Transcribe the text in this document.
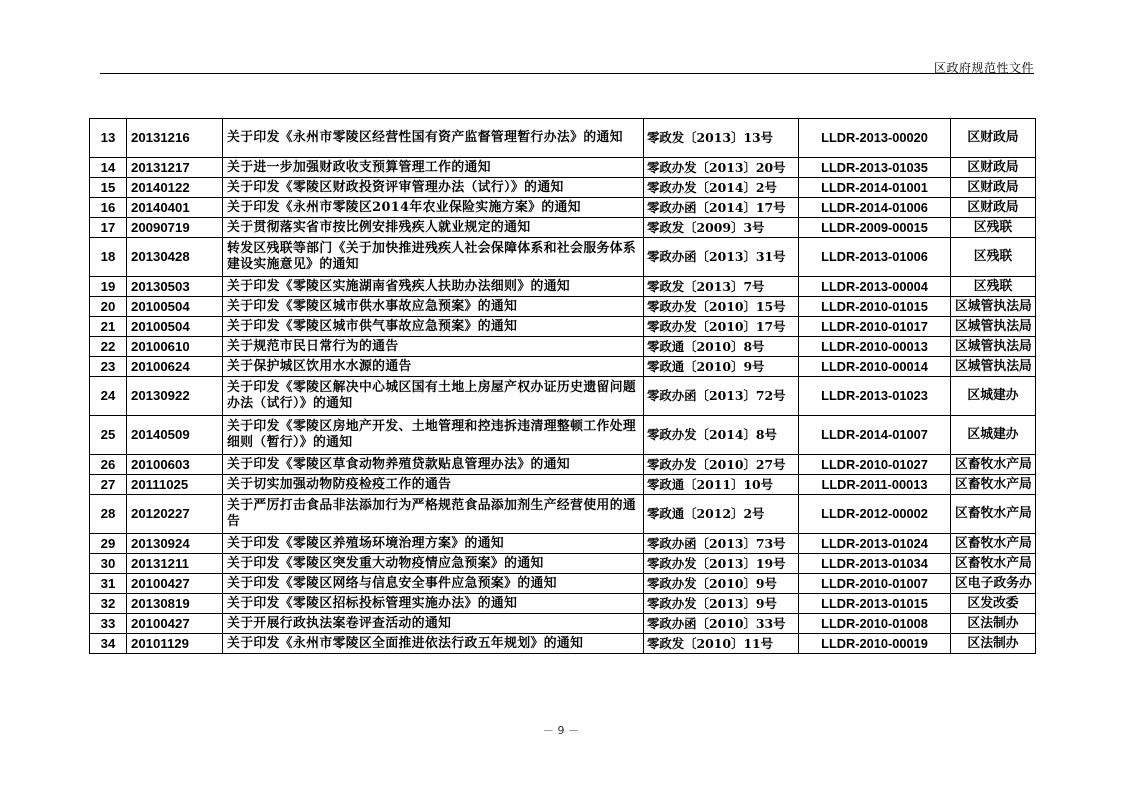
区政府规范性文件
13	20131216	关于印发《永州市零陵区经营性国有资产监督管理暂行办法》的通知	零政发〔2013〕13号	LLDR-2013-00020	区财政局
14	20131217	关于进一步加强财政收支预算管理工作的通知	零政办发〔2013〕20号	LLDR-2013-01035	区财政局
15	20140122	关于印发《零陵区财政投资评审管理办法（试行）》的通知	零政办发〔2014〕2号	LLDR-2014-01001	区财政局
16	20140401	关于印发《永州市零陵区2014年农业保险实施方案》的通知	零政办函〔2014〕17号	LLDR-2014-01006	区财政局
17	20090719	关于贯彻落实省市按比例安排残疾人就业规定的通知	零政发〔2009〕3号	LLDR-2009-00015	区残联
18	20130428	转发区残联等部门《关于加快推进残疾人社会保障体系和社会服务体系建设实施意见》的通知	零政办函〔2013〕31号	LLDR-2013-01006	区残联
19	20130503	关于印发《零陵区实施湖南省残疾人扶助办法细则》的通知	零政发〔2013〕7号	LLDR-2013-00004	区残联
20	20100504	关于印发《零陵区城市供水事故应急预案》的通知	零政办发〔2010〕15号	LLDR-2010-01015	区城管执法局
21	20100504	关于印发《零陵区城市供气事故应急预案》的通知	零政办发〔2010〕17号	LLDR-2010-01017	区城管执法局
22	20100610	关于规范市民日常行为的通告	零政通〔2010〕8号	LLDR-2010-00013	区城管执法局
23	20100624	关于保护城区饮用水水源的通告	零政通〔2010〕9号	LLDR-2010-00014	区城管执法局
24	20130922	关于印发《零陵区解决中心城区国有土地上房屋产权办证历史遗留问题办法（试行）》的通知	零政办函〔2013〕72号	LLDR-2013-01023	区城建办
25	20140509	关于印发《零陵区房地产开发、土地管理和控违拆违清理整顿工作处理细则（暂行）》的通知	零政办发〔2014〕8号	LLDR-2014-01007	区城建办
26	20100603	关于印发《零陵区草食动物养殖贷款贴息管理办法》的通知	零政办发〔2010〕27号	LLDR-2010-01027	区畜牧水产局
27	20111025	关于切实加强动物防疫检疫工作的通告	零政通〔2011〕10号	LLDR-2011-00013	区畜牧水产局
28	20120227	关于严厉打击食品非法添加行为严格规范食品添加剂生产经营使用的通告	零政通〔2012〕2号	LLDR-2012-00002	区畜牧水产局
29	20130924	关于印发《零陵区养殖场环境治理方案》的通知	零政办函〔2013〕73号	LLDR-2013-01024	区畜牧水产局
30	20131211	关于印发《零陵区突发重大动物疫情应急预案》的通知	零政办发〔2013〕19号	LLDR-2013-01034	区畜牧水产局
31	20100427	关于印发《零陵区网络与信息安全事件应急预案》的通知	零政办发〔2010〕9号	LLDR-2010-01007	区电子政务办
32	20130819	关于印发《零陵区招标投标管理实施办法》的通知	零政办发〔2013〕9号	LLDR-2013-01015	区发改委
33	20100427	关于开展行政执法案卷评查活动的通知	零政办函〔2010〕33号	LLDR-2010-01008	区法制办
34	20101129	关于印发《永州市零陵区全面推进依法行政五年规划》的通知	零政发〔2010〕11号	LLDR-2010-00019	区法制办
－ 9 －
